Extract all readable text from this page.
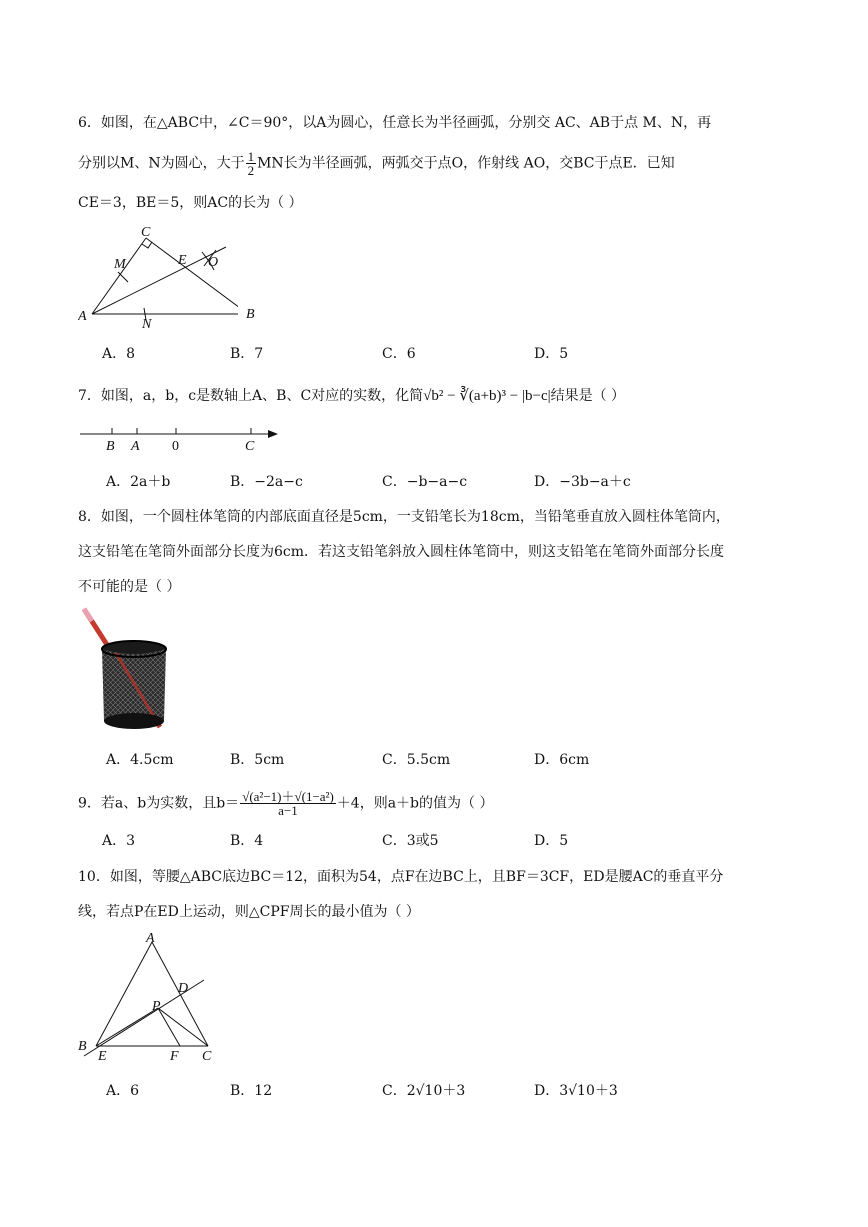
6．如图，在△ABC中，∠C＝90°，以A为圆心，任意长为半径画弧，分别交 AC、AB于点 M、N，再
分别以M、N为圆心，大于 $\frac{1}{2}$ MN长为半径画弧，两弧交于点O，作射线 AO，交BC于点E．已知
CE＝3，BE＝5，则AC的长为（ ）
A
C
M	E O
N
B
A．8	B．7	C．6	D．5
7．如图，a，b，c是数轴上A、B、C对应的实数，化简√b² − ∛(a+b)³ − |b−c|结果是（ ）
B A 0	C
A．2a＋b	B．−2a−c	C．−b−a−c	D．−3b−a＋c
8．如图，一个圆柱体笔筒的内部底面直径是5cm，一支铅笔长为18cm，当铅笔垂直放入圆柱体笔筒内，
这支铅笔在笔筒外面部分长度为6cm．若这支铅笔斜放入圆柱体笔筒中，则这支铅笔在笔筒外面部分长度
不可能的是（ ）
A．4.5cm	B．5cm	C．5.5cm	D．6cm
9．若a、b为实数，且$b= \frac{\text{√(a²−1)＋√(1−a²)}}{a-1} +4$，则a＋b的值为（ ）
A．3	B．4	C．3或5	D．5
10．如图，等腰△ABC底边BC＝12，面积为54，点F在边BC上，且BF＝3CF，ED是腰AC的垂直平分
线，若点P在ED上运动，则△CPF周长的最小值为（ ）
A
D
P
B
E	F C
A．6	B．12	C．2√10＋3	D．3√10＋3
